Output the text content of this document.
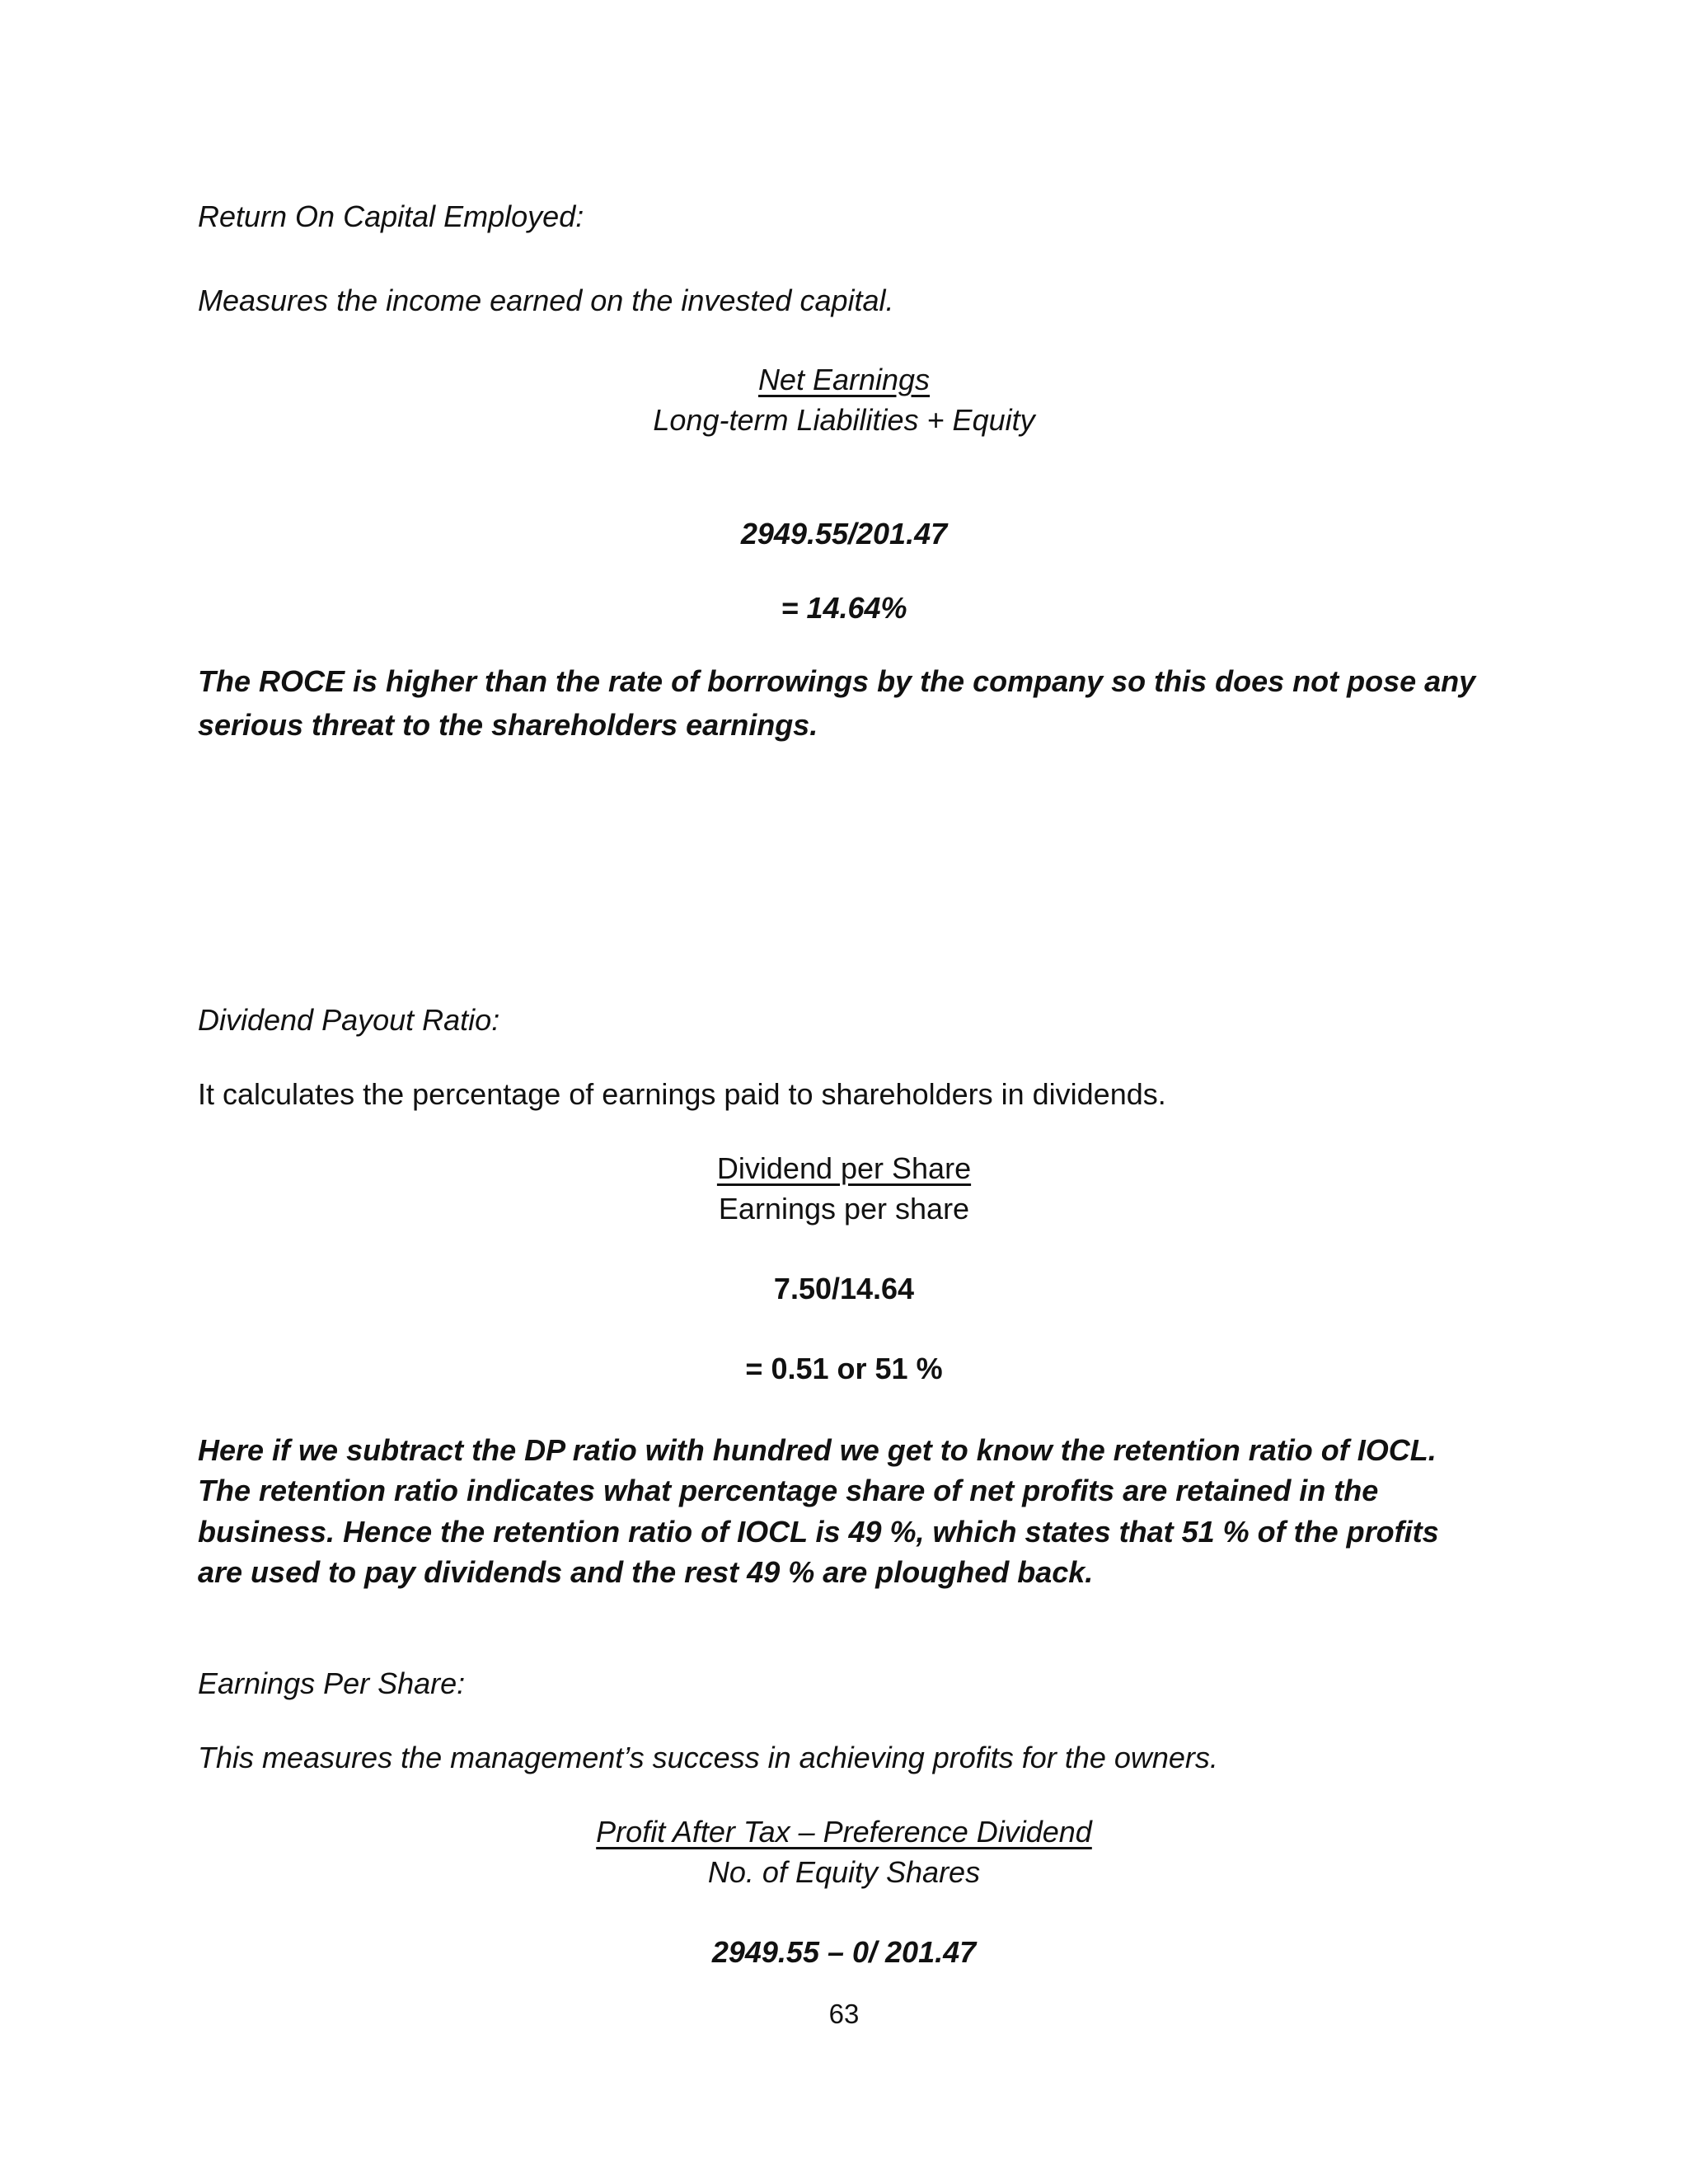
Return On Capital Employed:

Measures the income earned on the invested capital.

Net Earnings

Long-term Liabilities + Equity

2949.55/201.47

= 14.64%

The ROCE is higher than the rate of borrowings by the company so this does not pose any serious threat to the shareholders earnings.

Dividend Payout Ratio:

It calculates the percentage of earnings paid to shareholders in dividends.

Dividend per Share

Earnings per share

7.50/14.64

= 0.51 or 51 %

Here if we subtract the DP ratio with hundred we get to know the retention ratio of IOCL. The retention ratio indicates what percentage share of net profits are retained in the business. Hence the retention ratio of IOCL is 49 %, which states that 51 % of the profits are used to pay dividends and the rest 49 % are ploughed back.

Earnings Per Share:

This measures the management’s success in achieving profits for the owners.

Profit After Tax – Preference Dividend

No. of Equity Shares

2949.55 – 0/ 201.47

63
